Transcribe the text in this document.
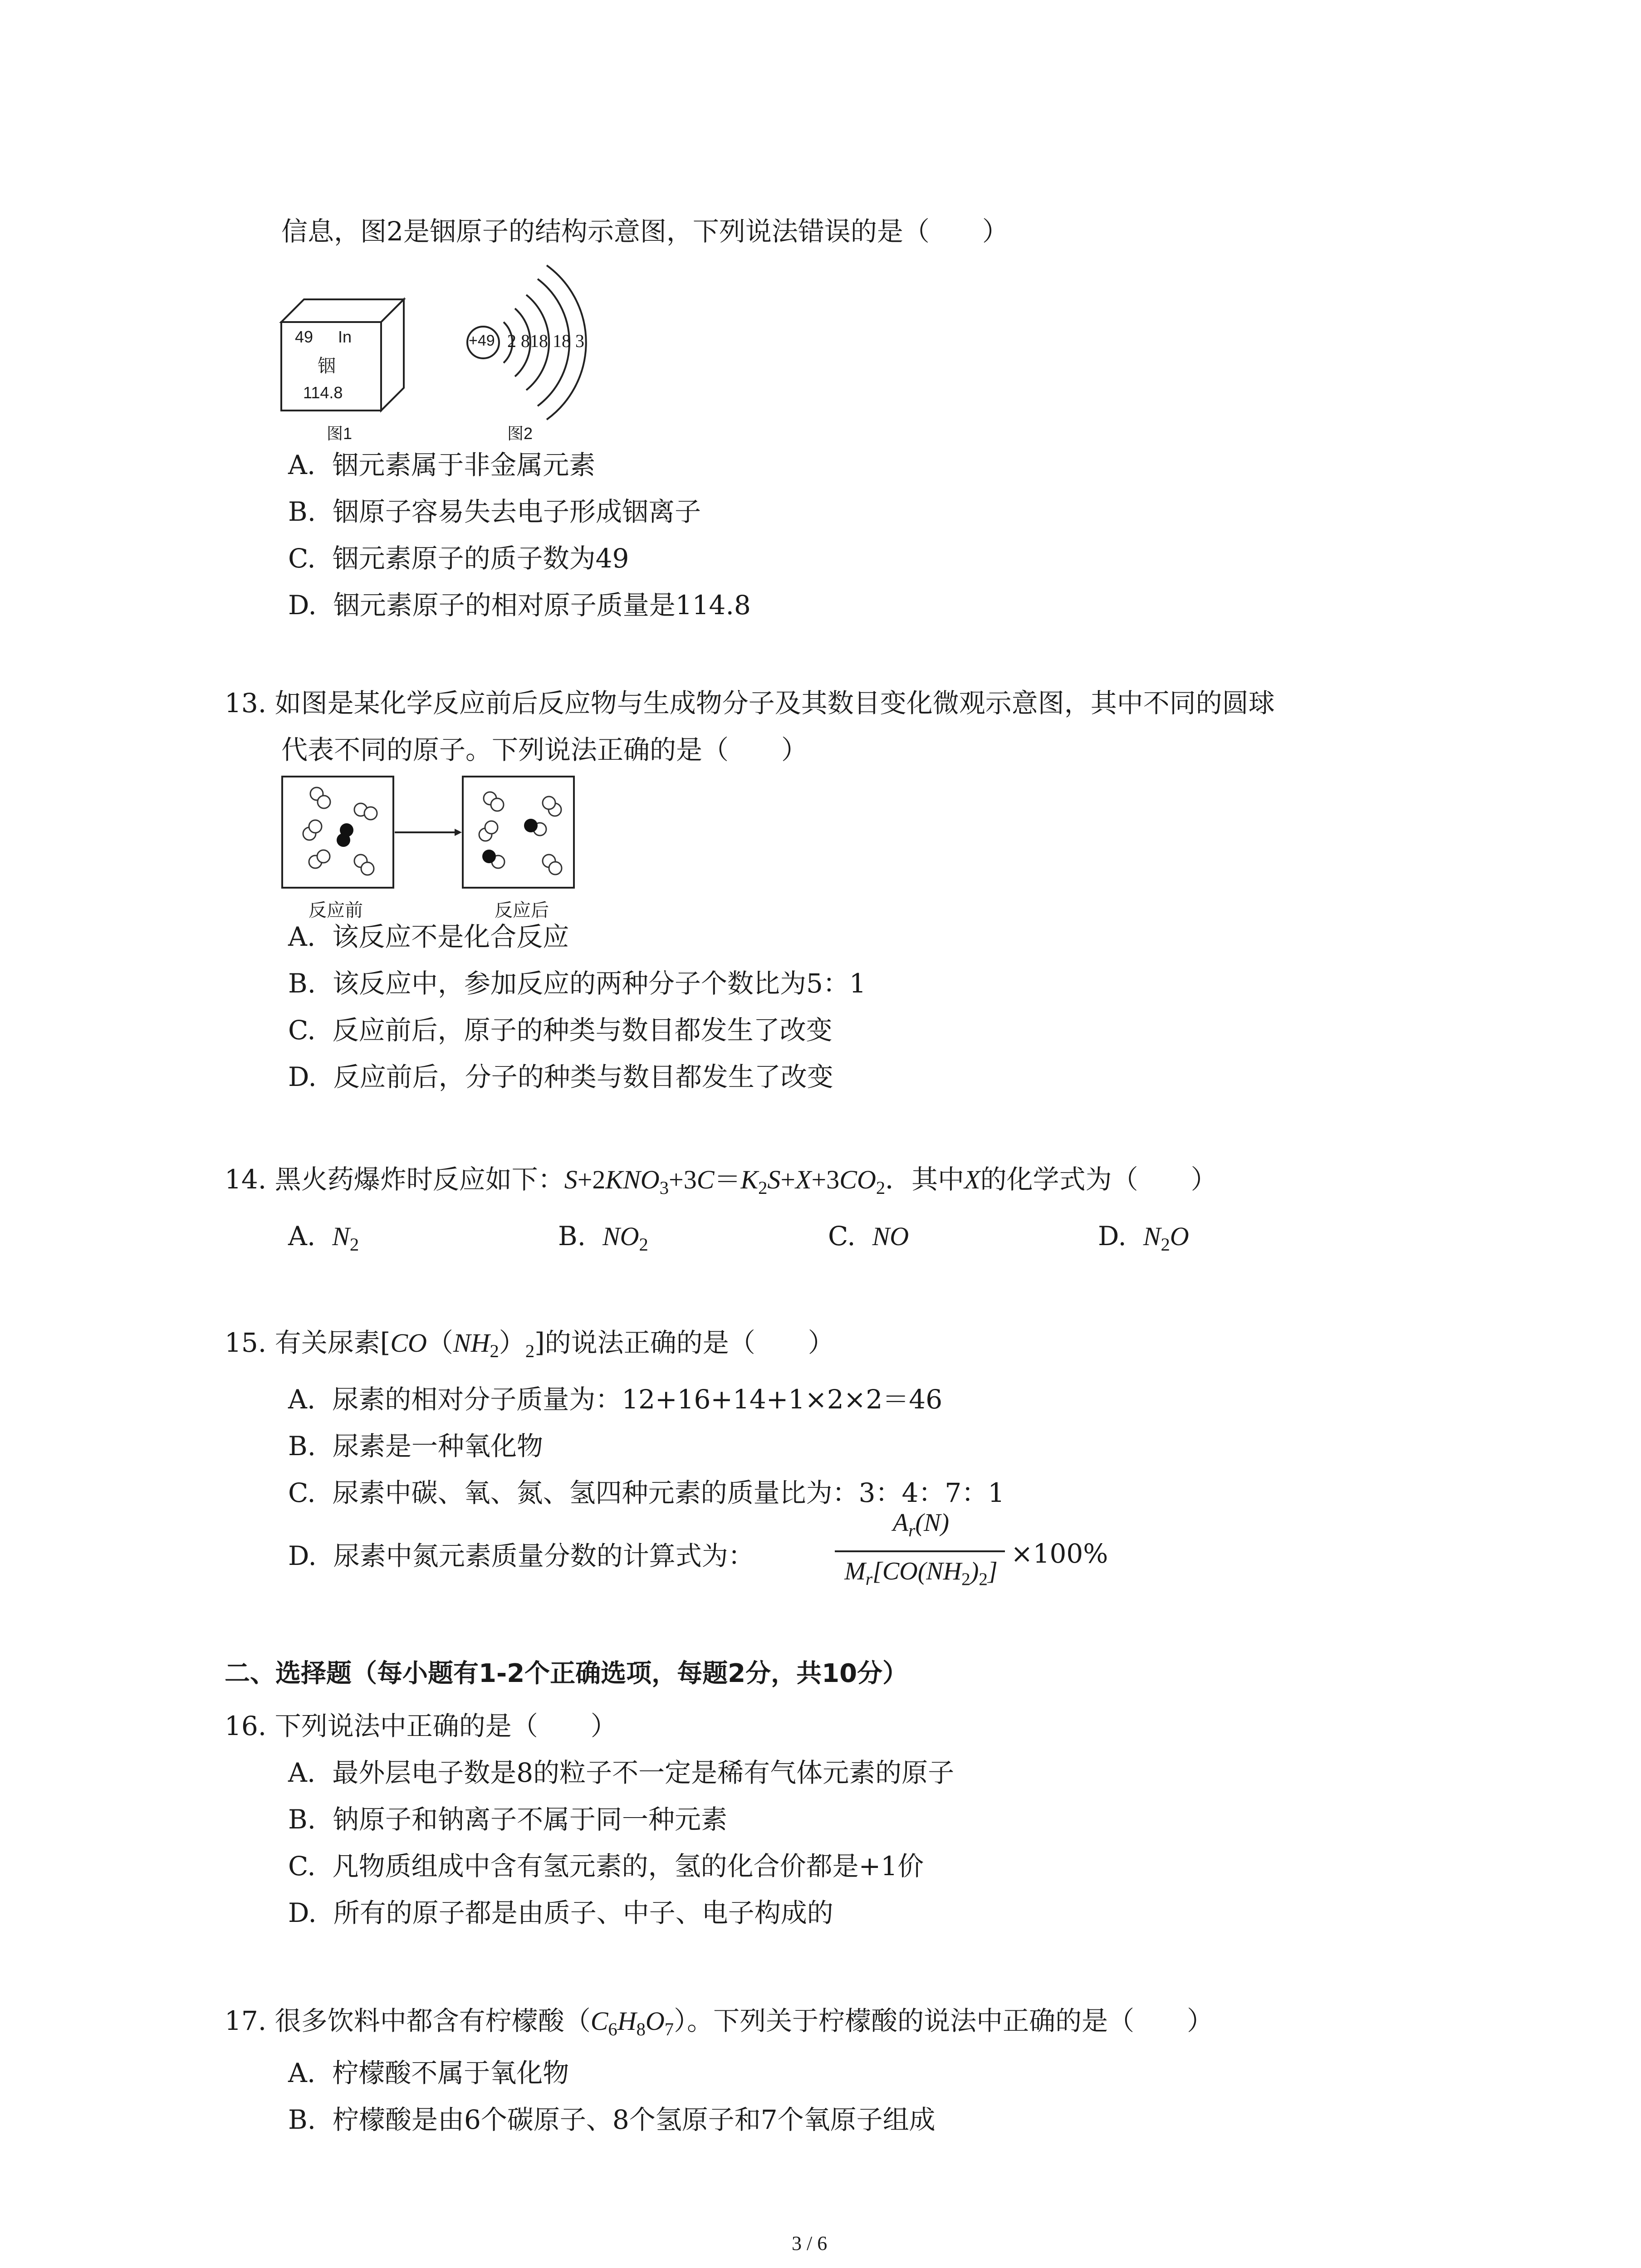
信息，图2是铟原子的结构示意图，下列说法错误的是（　　）
49 In
铟
114.8
图1
+49 2 818 18 3
图2
A. 铟元素属于非金属元素
B. 铟原子容易失去电子形成铟离子
C. 铟元素原子的质子数为49
D. 铟元素原子的相对原子质量是114.8
13. 如图是某化学反应前后反应物与生成物分子及其数目变化微观示意图，其中不同的圆球
代表不同的原子。下列说法正确的是（　　）
反应前	反应后
A. 该反应不是化合反应
B. 该反应中，参加反应的两种分子个数比为5：1
C. 反应前后，原子的种类与数目都发生了改变
D. 反应前后，分子的种类与数目都发生了改变
14. 黑火药爆炸时反应如下：$S+2KNO_3+3C=K_2S+X+3CO_2$．其中X的化学式为（　　）
A. $N_2$	B. $NO_2$	C. NO	D. $N_2O$
15. 有关尿素$[CO(NH_2)_2]$的说法正确的是（　　）
A.  尿素的相对分子质量为：12+16+14+1×2×2＝46
B.  尿素是一种氧化物
C.  尿素中碳、氧、氮、氢四种元素的质量比为：3：4：7：1
D.  尿素中氮元素质量分数的计算式为：
$A_r(N)$
$M_r[CO(NH_2)_2]$
×100%
二、选择题（每小题有1-2个正确选项，每题2分，共10分）
16. 下列说法中正确的是（　　）
A. 最外层电子数是8的粒子不一定是稀有气体元素的原子
B. 钠原子和钠离子不属于同一种元素
C. 凡物质组成中含有氢元素的，氢的化合价都是+1价
D. 所有的原子都是由质子、中子、电子构成的
17. 很多饮料中都含有柠檬酸$(C_6H_8O_7)$。下列关于柠檬酸的说法中正确的是（　　）
A. 柠檬酸不属于氧化物
B. 柠檬酸是由6个碳原子、8个氢原子和7个氧原子组成
3 / 6
